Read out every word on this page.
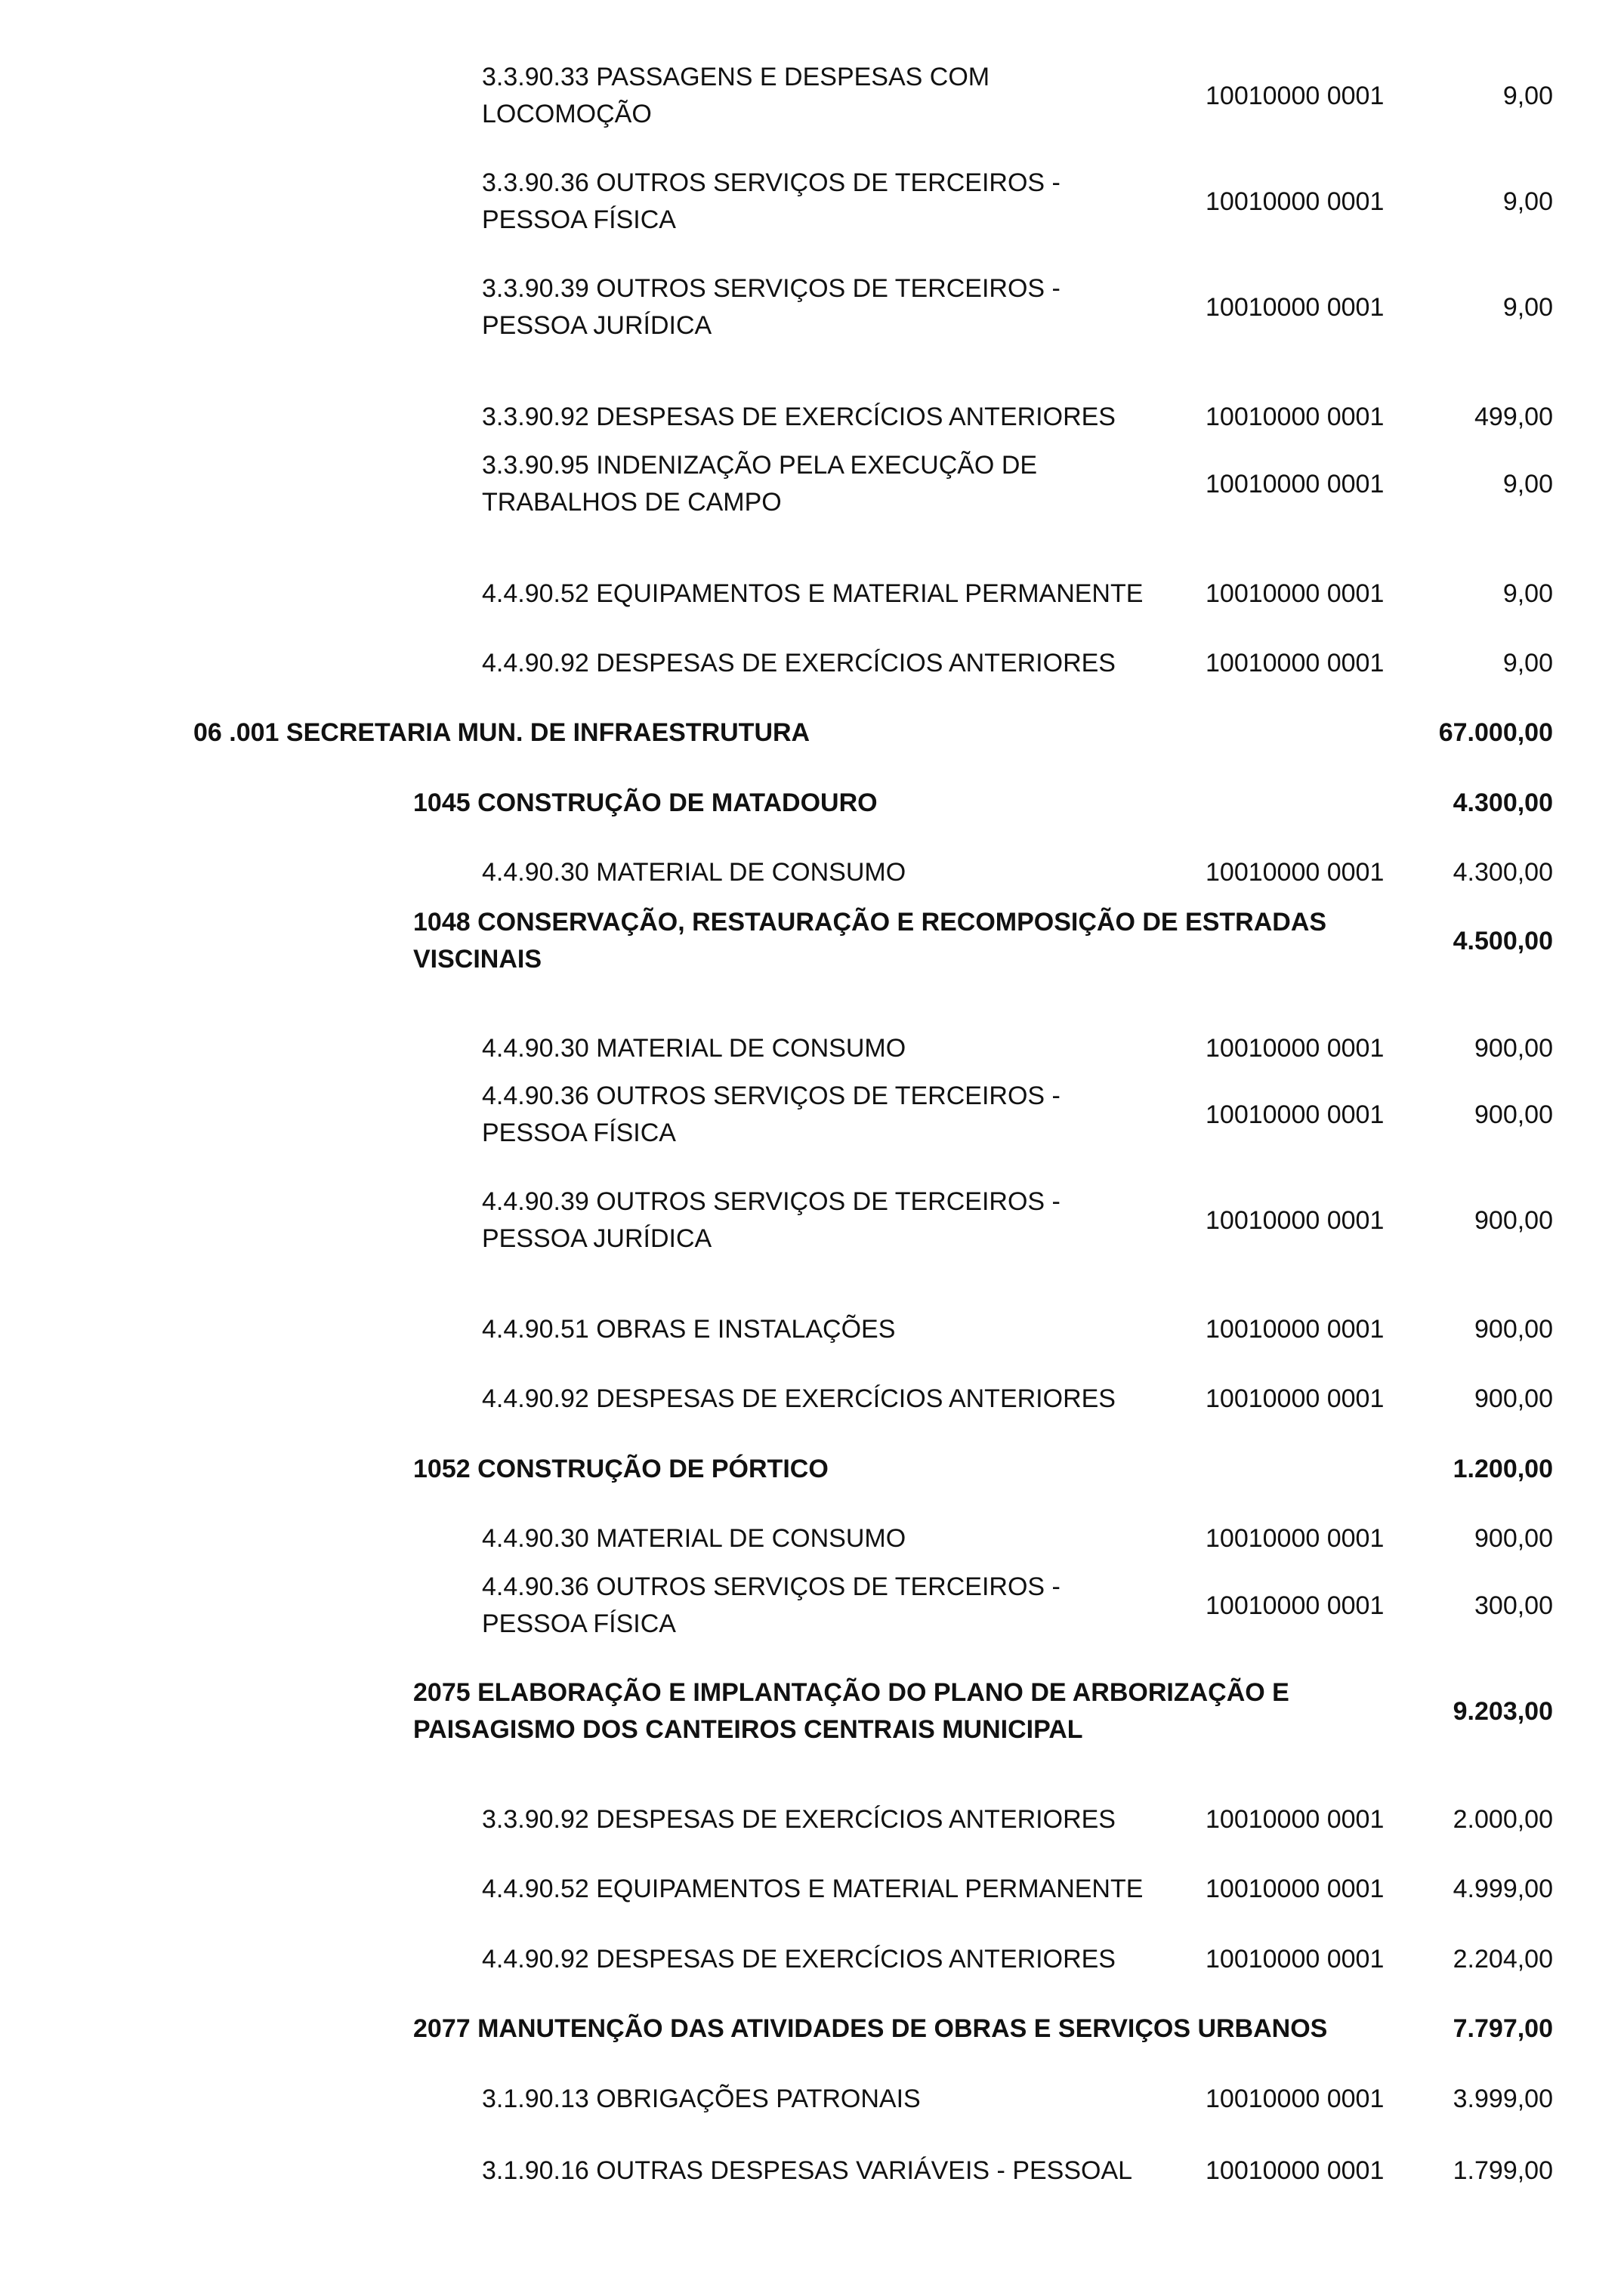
3.3.90.33 PASSAGENS E DESPESAS COM
LOCOMOÇÃO
10010000 0001	9,00
3.3.90.36 OUTROS SERVIÇOS DE TERCEIROS -
PESSOA FÍSICA
10010000 0001	9,00
3.3.90.39 OUTROS SERVIÇOS DE TERCEIROS -
PESSOA JURÍDICA
10010000 0001	9,00
3.3.90.92 DESPESAS DE EXERCÍCIOS ANTERIORES	10010000 0001	499,00
3.3.90.95 INDENIZAÇÃO PELA EXECUÇÃO DE
TRABALHOS DE CAMPO
10010000 0001	9,00
4.4.90.52 EQUIPAMENTOS E MATERIAL PERMANENTE	10010000 0001	9,00
4.4.90.92 DESPESAS DE EXERCÍCIOS ANTERIORES	10010000 0001	9,00
06 .001 SECRETARIA MUN. DE INFRAESTRUTURA	67.000,00
1045 CONSTRUÇÃO DE MATADOURO	4.300,00
4.4.90.30 MATERIAL DE CONSUMO	10010000 0001	4.300,00
1048 CONSERVAÇÃO, RESTAURAÇÃO E RECOMPOSIÇÃO DE ESTRADAS
VISCINAIS
4.500,00
4.4.90.30 MATERIAL DE CONSUMO	10010000 0001	900,00
4.4.90.36 OUTROS SERVIÇOS DE TERCEIROS -
PESSOA FÍSICA
10010000 0001	900,00
4.4.90.39 OUTROS SERVIÇOS DE TERCEIROS -
PESSOA JURÍDICA
10010000 0001	900,00
4.4.90.51 OBRAS E INSTALAÇÕES	10010000 0001	900,00
4.4.90.92 DESPESAS DE EXERCÍCIOS ANTERIORES	10010000 0001	900,00
1052 CONSTRUÇÃO DE PÓRTICO	1.200,00
4.4.90.30 MATERIAL DE CONSUMO	10010000 0001	900,00
4.4.90.36 OUTROS SERVIÇOS DE TERCEIROS -
PESSOA FÍSICA
10010000 0001	300,00
2075 ELABORAÇÃO E IMPLANTAÇÃO DO PLANO DE ARBORIZAÇÃO E
PAISAGISMO DOS CANTEIROS CENTRAIS MUNICIPAL
9.203,00
3.3.90.92 DESPESAS DE EXERCÍCIOS ANTERIORES	10010000 0001	2.000,00
4.4.90.52 EQUIPAMENTOS E MATERIAL PERMANENTE	10010000 0001	4.999,00
4.4.90.92 DESPESAS DE EXERCÍCIOS ANTERIORES	10010000 0001	2.204,00
2077 MANUTENÇÃO DAS ATIVIDADES DE OBRAS E SERVIÇOS URBANOS	7.797,00
3.1.90.13 OBRIGAÇÕES PATRONAIS	10010000 0001	3.999,00
3.1.90.16 OUTRAS DESPESAS VARIÁVEIS - PESSOAL	10010000 0001	1.799,00
